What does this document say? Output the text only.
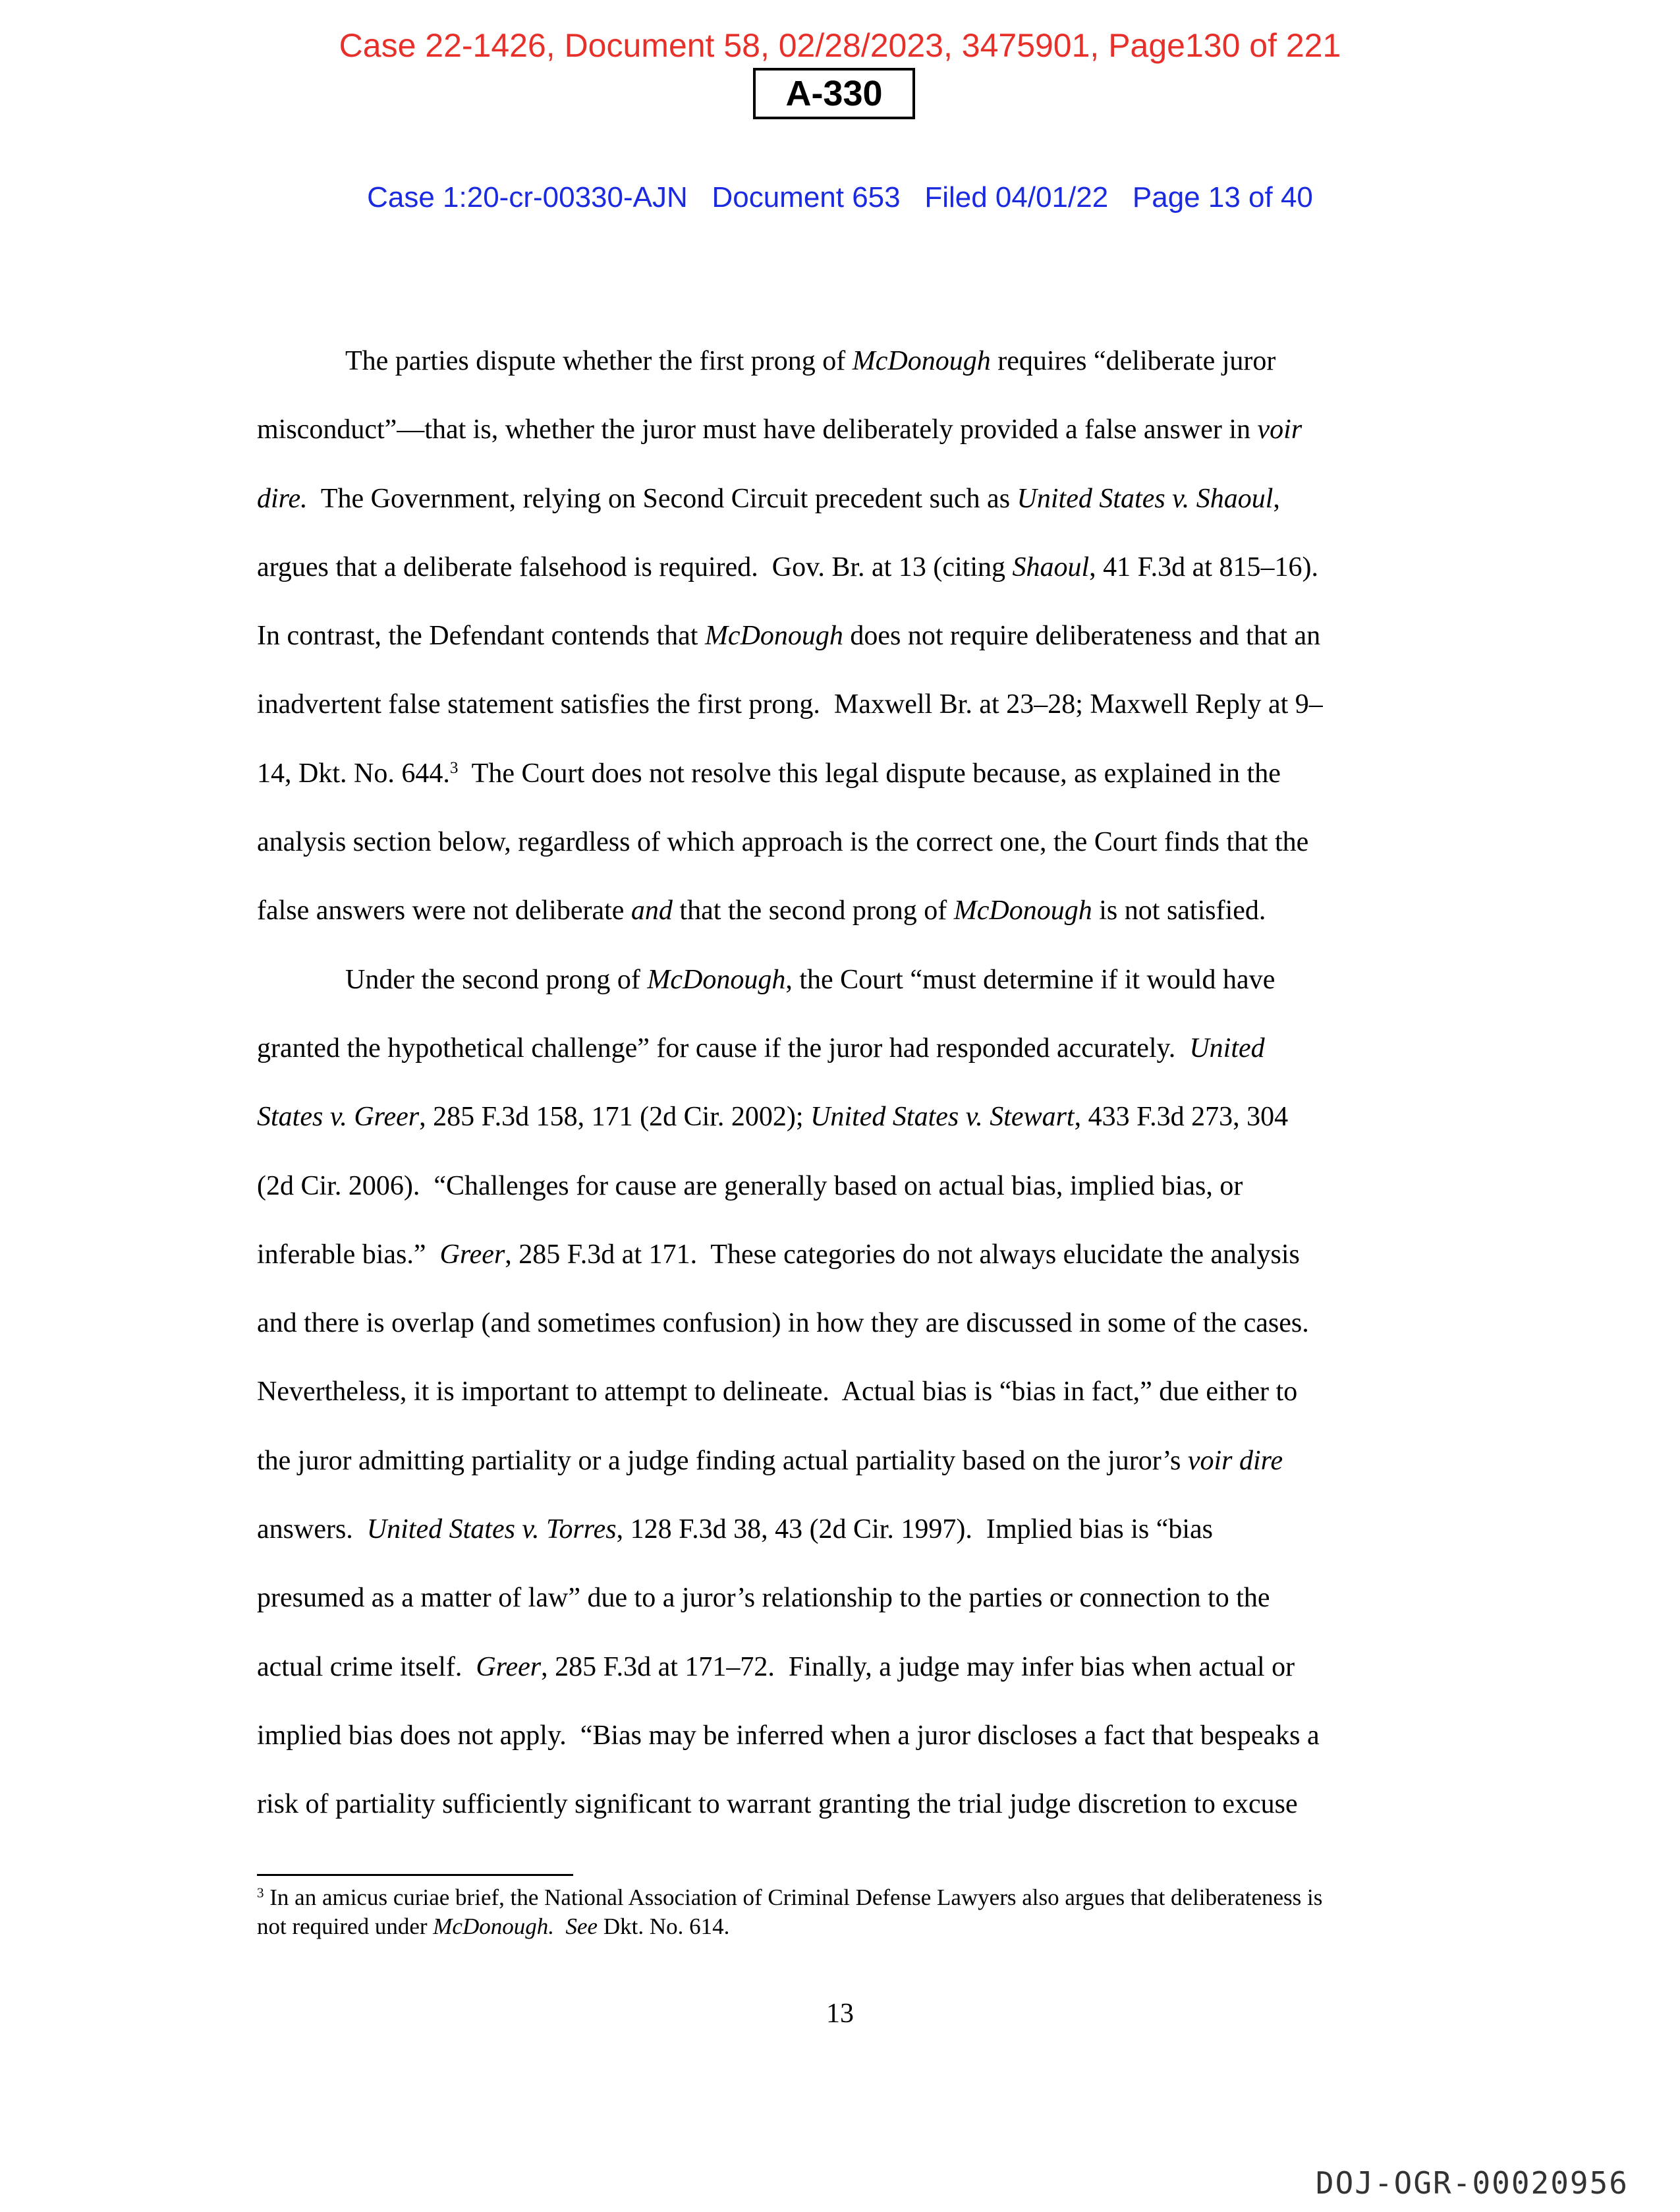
Case 22-1426, Document 58, 02/28/2023, 3475901, Page130 of 221
A-330
Case 1:20-cr-00330-AJN Document 653 Filed 04/01/22 Page 13 of 40

The parties dispute whether the first prong of McDonough requires “deliberate juror
misconduct”—that is, whether the juror must have deliberately provided a false answer in voir
dire.  The Government, relying on Second Circuit precedent such as United States v. Shaoul,
argues that a deliberate falsehood is required.  Gov. Br. at 13 (citing Shaoul, 41 F.3d at 815–16).
In contrast, the Defendant contends that McDonough does not require deliberateness and that an
inadvertent false statement satisfies the first prong.  Maxwell Br. at 23–28; Maxwell Reply at 9–
14, Dkt. No. 644.$^3$  The Court does not resolve this legal dispute because, as explained in the
analysis section below, regardless of which approach is the correct one, the Court finds that the
false answers were not deliberate and that the second prong of McDonough is not satisfied.

Under the second prong of McDonough, the Court “must determine if it would have
granted the hypothetical challenge” for cause if the juror had responded accurately.  United
States v. Greer, 285 F.3d 158, 171 (2d Cir. 2002); United States v. Stewart, 433 F.3d 273, 304
(2d Cir. 2006).  “Challenges for cause are generally based on actual bias, implied bias, or
inferable bias.”  Greer, 285 F.3d at 171.  These categories do not always elucidate the analysis
and there is overlap (and sometimes confusion) in how they are discussed in some of the cases.
Nevertheless, it is important to attempt to delineate.  Actual bias is “bias in fact,” due either to
the juror admitting partiality or a judge finding actual partiality based on the juror’s voir dire
answers.  United States v. Torres, 128 F.3d 38, 43 (2d Cir. 1997).  Implied bias is “bias
presumed as a matter of law” due to a juror’s relationship to the parties or connection to the
actual crime itself.  Greer, 285 F.3d at 171–72.  Finally, a judge may infer bias when actual or
implied bias does not apply.  “Bias may be inferred when a juror discloses a fact that bespeaks a
risk of partiality sufficiently significant to warrant granting the trial judge discretion to excuse

$^3$ In an amicus curiae brief, the National Association of Criminal Defense Lawyers also argues that deliberateness is
not required under McDonough. See Dkt. No. 614.
13
DOJ-OGR-00020956
